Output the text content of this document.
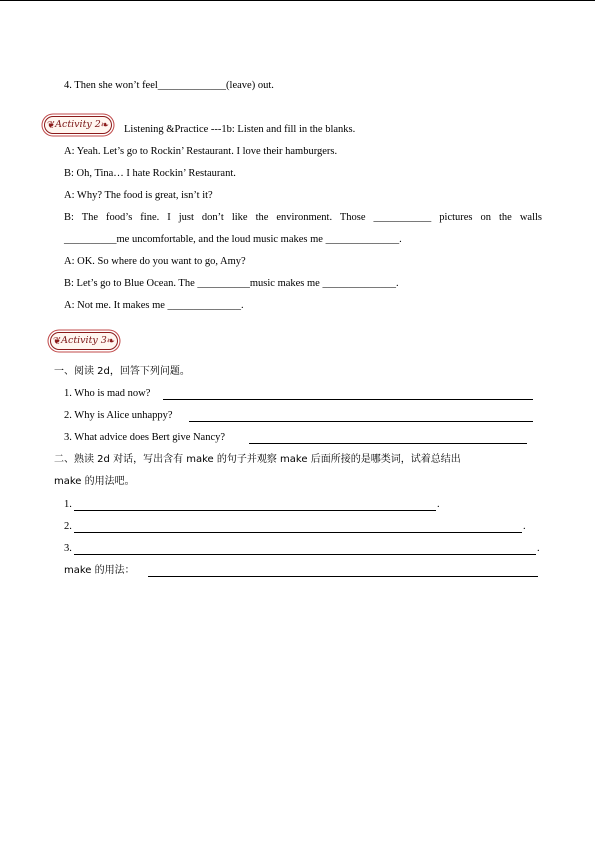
4. Then she won’t feel_____________(leave) out.
❦ Activity 2 ❧ Listening &Practice ---1b: Listen and fill in the blanks.
A: Yeah. Let’s go to Rockin’ Restaurant. I love their hamburgers.
B: Oh, Tina… I hate Rockin’ Restaurant.
A: Why? The food is great, isn’t it?
B: The food’s fine. I just don’t like the environment. Those ___________ pictures on the walls
__________me uncomfortable, and the loud music makes me ______________.
A: OK. So where do you want to go, Amy?
B: Let’s go to Blue Ocean. The __________music makes me ______________.
A: Not me. It makes me ______________.
❦ Activity 3 ❧
一、阅读 2d，回答下列问题。
1. Who is mad now?
2. Why is Alice unhappy?
3. What advice does Bert give Nancy?
二、熟读 2d 对话，写出含有 make 的句子并观察 make 后面所接的是哪类词，试着总结出
make 的用法吧。
1.	.
2.	.
3.	.
make 的用法：
